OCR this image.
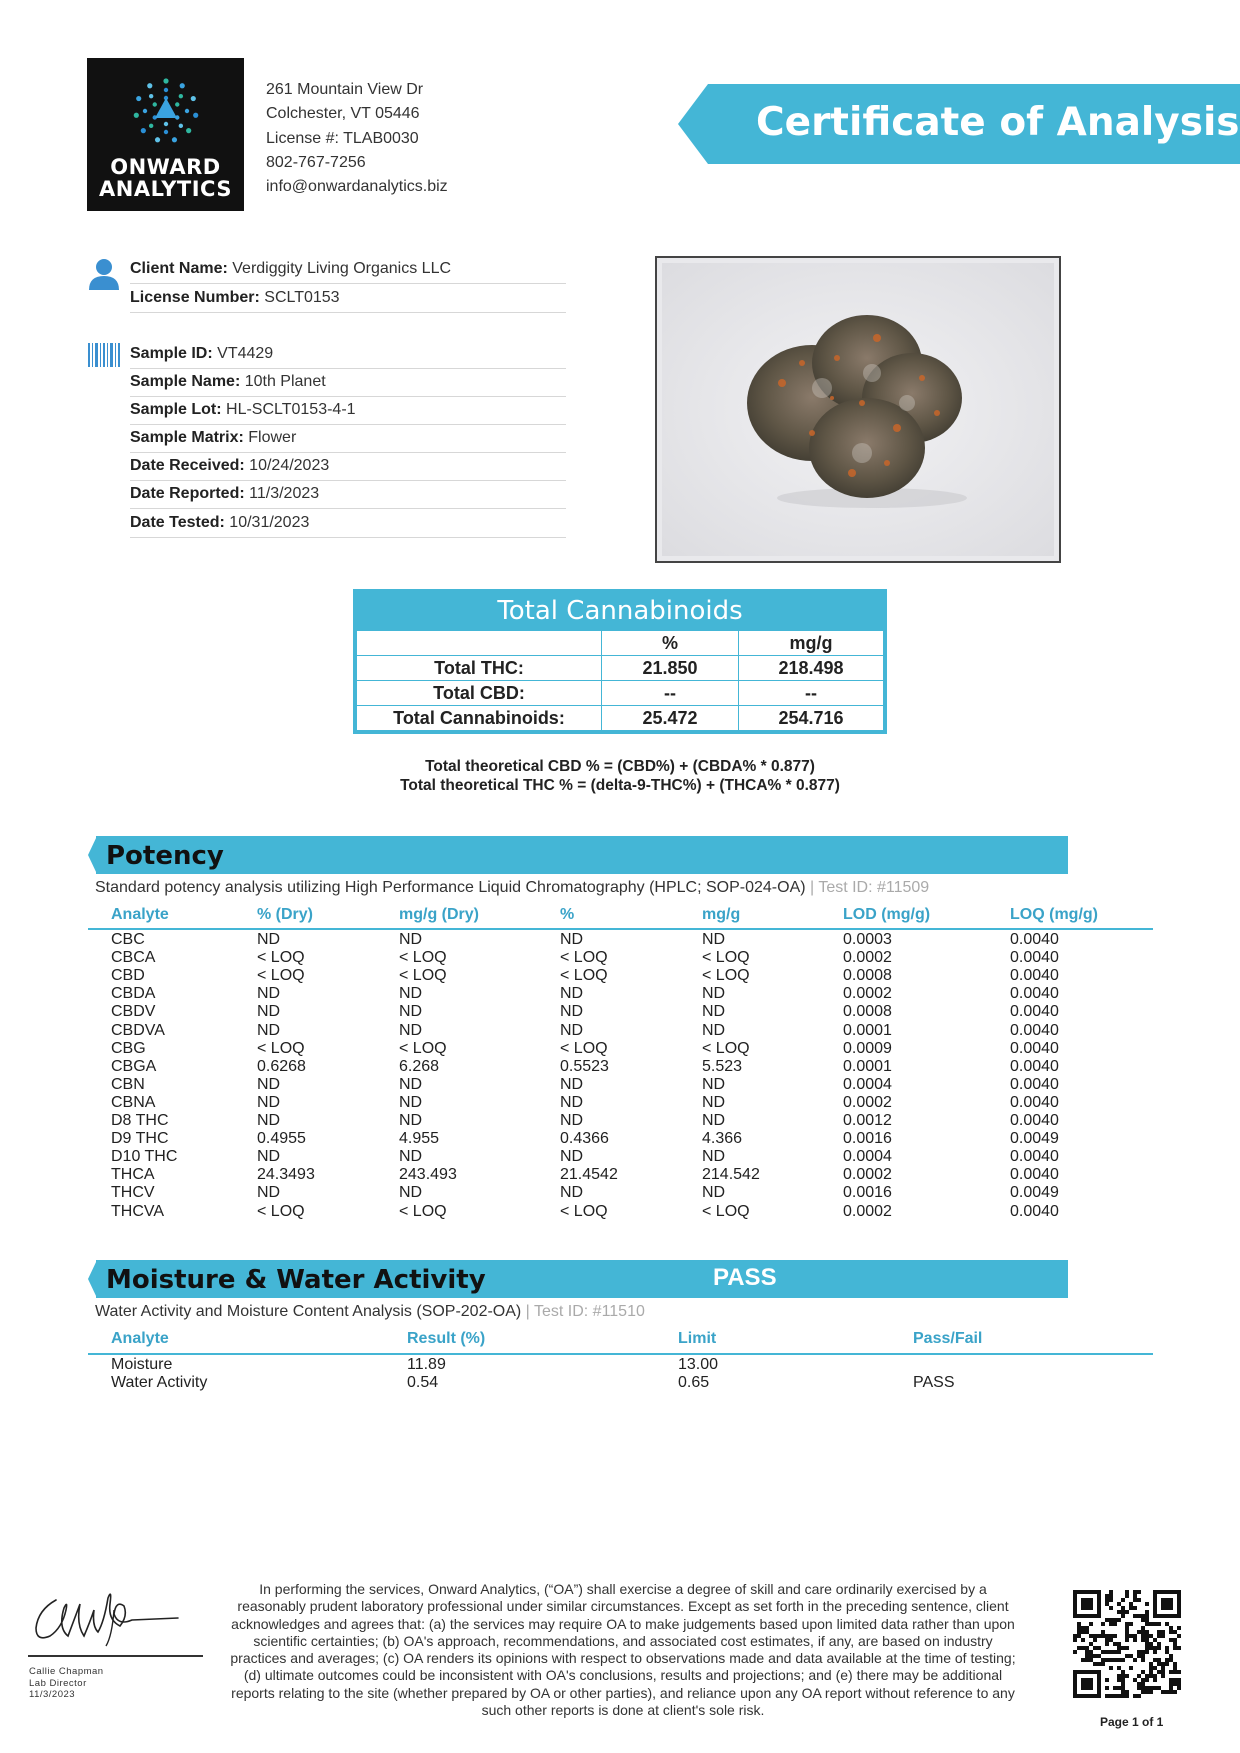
ONWARD
ANALYTICS
261 Mountain View Dr
Colchester, VT 05446
License #: TLAB0030
802-767-7256
info@onwardanalytics.biz
Certificate of Analysis
Client Name: Verdiggity Living Organics LLC
License Number: SCLT0153
Sample ID: VT4429
Sample Name: 10th Planet
Sample Lot: HL-SCLT0153-4-1
Sample Matrix: Flower
Date Received: 10/24/2023
Date Reported: 11/3/2023
Date Tested: 10/31/2023
Total Cannabinoids
	%	mg/g
Total THC:	21.850	218.498
Total CBD:	--	--
Total Cannabinoids:	25.472	254.716
Total theoretical CBD % = (CBD%) + (CBDA% * 0.877)
Total theoretical THC % = (delta-9-THC%) + (THCA% * 0.877)
Potency
Standard potency analysis utilizing High Performance Liquid Chromatography (HPLC; SOP-024-OA) | Test ID: #11509
Analyte	% (Dry)	mg/g (Dry)	%	mg/g	LOD (mg/g)	LOQ (mg/g)
CBC	ND	ND	ND	ND	0.0003	0.0040
CBCA	< LOQ	< LOQ	< LOQ	< LOQ	0.0002	0.0040
CBD	< LOQ	< LOQ	< LOQ	< LOQ	0.0008	0.0040
CBDA	ND	ND	ND	ND	0.0002	0.0040
CBDV	ND	ND	ND	ND	0.0008	0.0040
CBDVA	ND	ND	ND	ND	0.0001	0.0040
CBG	< LOQ	< LOQ	< LOQ	< LOQ	0.0009	0.0040
CBGA	0.6268	6.268	0.5523	5.523	0.0001	0.0040
CBN	ND	ND	ND	ND	0.0004	0.0040
CBNA	ND	ND	ND	ND	0.0002	0.0040
D8 THC	ND	ND	ND	ND	0.0012	0.0040
D9 THC	0.4955	4.955	0.4366	4.366	0.0016	0.0049
D10 THC	ND	ND	ND	ND	0.0004	0.0040
THCA	24.3493	243.493	21.4542	214.542	0.0002	0.0040
THCV	ND	ND	ND	ND	0.0016	0.0049
THCVA	< LOQ	< LOQ	< LOQ	< LOQ	0.0002	0.0040
Moisture & Water Activity	PASS
Water Activity and Moisture Content Analysis (SOP-202-OA) | Test ID: #11510
Analyte	Result (%)	Limit	Pass/Fail
Moisture	11.89	13.00
Water Activity	0.54	0.65	PASS
Callie Chapman
Lab Director
11/3/2023
In performing the services, Onward Analytics, (“OA”) shall exercise a degree of skill and care ordinarily exercised by a reasonably prudent laboratory professional under similar circumstances. Except as set forth in the preceding sentence, client acknowledges and agrees that: (a) the services may require OA to make judgements based upon limited data rather than upon scientific certainties; (b) OA's approach, recommendations, and associated cost estimates, if any, are based on industry practices and averages; (c) OA renders its opinions with respect to observations made and data available at the time of testing; (d) ultimate outcomes could be inconsistent with OA's conclusions, results and projections; and (e) there may be additional reports relating to the site (whether prepared by OA or other parties), and reliance upon any OA report without reference to any such other reports is done at client's sole risk.
Page 1 of 1
